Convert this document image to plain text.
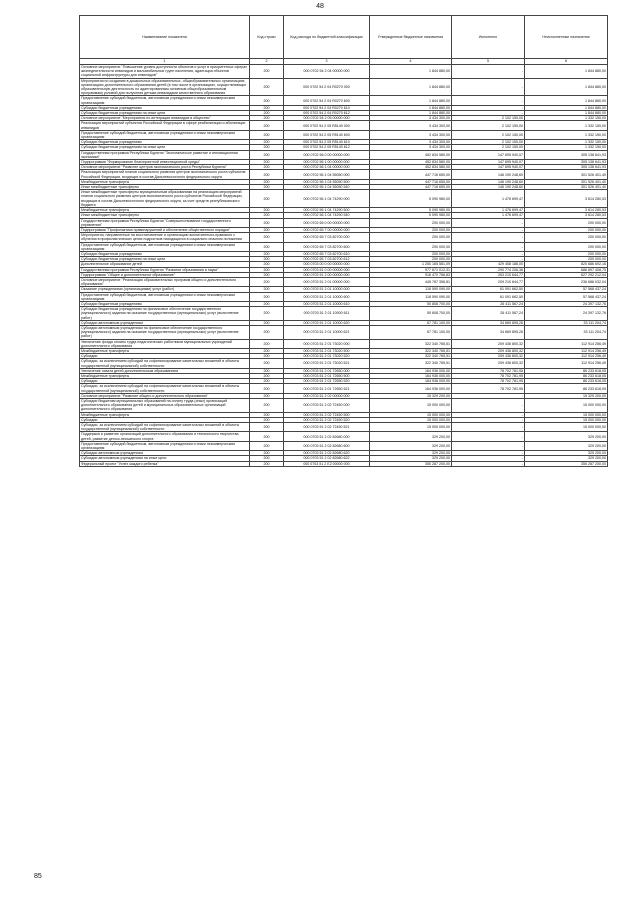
48
Наименование показателя	Код строки	Код расхода по бюджетной классификации	Утвержденные бюджетные назначения	Исполнено	Неисполненные назначения
1	2	3	4	5	6
Основное мероприятие "Повышение уровня доступности объектов и услуг в приоритетных сферах жизнедеятельности инвалидов и маломобильных групп населения, адаптация объектов социальной инфраструктуры для инвалидов"	200	000 0702 54 2 04 00000 000	1 844 880,00	-	1 844 880,00
Мероприятия по созданию в дошкольных образовательных, общеобразовательных организациях, организациях дополнительного образования детей (в том числе в организациях, осуществляющих образовательную деятельность по адаптированным основным общеобразовательным программам) условий для получения детьми-инвалидами качественного образования	200	000 0702 54 2 04 R0270 000	1 844 880,00	-	1 844 880,00
Предоставление субсидий бюджетным, автономным учреждениям и иным некоммерческим организациям	200	000 0702 54 2 04 R0270 600	1 844 880,00	-	1 844 880,00
Субсидии бюджетным учреждениям	200	000 0702 54 2 04 R0270 610	1 844 880,00	-	1 844 880,00
Субсидии бюджетным учреждениям на иные цели	200	000 0702 54 2 04 R0270 612	1 844 880,00	-	1 844 880,00
Основное мероприятие "Мероприятия по интеграции инвалидов в общество"	200	000 0702 54 2 05 00000 000	3 434 300,00	2 102 150,00	1 332 150,00
Реализация мероприятий субъектов Российской Федерации в сфере реабилитации и абилитации инвалидов	200	000 0702 54 2 05 R5140 000	3 434 300,00	2 102 150,00	1 332 150,00
Предоставление субсидий бюджетным, автономным учреждениям и иным некоммерческим организациям	200	000 0702 54 2 05 R5140 600	3 434 300,00	2 102 150,00	1 332 150,00
Субсидии бюджетным учреждениям	200	000 0702 54 2 05 R5140 610	3 434 300,00	2 102 150,00	1 332 150,00
Субсидии бюджетным учреждениям на иные цели	200	000 0702 54 2 05 R5140 612	3 434 300,00	2 102 150,00	1 332 150,00
Государственная программа Республики Бурятия "Экономическое развитие и инновационная экономика"	200	000 0702 56 0 00 00000 000	452 834 580,00	147 695 940,07	305 138 641,93
Подпрограмма "Формирование благоприятной инвестиционной среды"	200	000 0702 56 1 00 00000 000	452 834 580,00	147 695 940,07	305 138 641,93
Основное мероприятие "Развитие центров экономического роста Республики Бурятия"	200	000 0702 56 1 04 00000 000	452 834 580,00	147 695 940,07	305 138 641,93
Реализация мероприятий планов социального развития центров экономического роста субъектов Российской Федерации, входящих в состав Дальневосточного федерального округа	200	000 0702 56 1 04 55050 000	447 716 650,00	146 190 248,60	301 526 401,40
Межбюджетные трансферты	200	000 0702 56 1 04 55050 500	447 716 650,00	146 190 248,60	301 526 401,40
Иные межбюджетные трансферты	200	000 0702 56 1 04 55050 540	447 716 650,00	146 190 248,60	301 526 401,40
Иные межбюджетные трансферты муниципальным образованиям на реализацию мероприятий планов социального развития центров экономического роста субъектов Российской Федерации, входящих в состав Дальневосточного федерального округа, за счет средств республиканского бюджета	200	000 0702 56 1 04 74290 000	5 090 980,00	1 476 699,47	3 614 280,53
Межбюджетные трансферты	200	000 0702 56 1 04 74290 500	5 090 980,00	1 476 699,47	3 614 280,53
Иные межбюджетные трансферты	200	000 0702 56 1 04 74290 540	5 090 980,00	1 476 699,47	3 614 280,53
Государственная программа Республики Бурятия "Совершенствование государственного управления"	200	000 0702 65 0 00 00000 000	200 000,00	-	200 000,00
Подпрограмма "Профилактика правонарушений и обеспечение общественного порядка"	200	000 0702 65 7 00 00000 000	200 000,00	-	200 000,00
Мероприятия, направленные на восстановление и организацию воспитательно-правового с обучения в профилактических целях подростков находящихся в социально опасном положении	200	000 0702 65 7 03 82700 000	200 000,00	-	200 000,00
Предоставление субсидий бюджетным, автономным учреждениям и иным некоммерческим организациям	200	000 0702 65 7 03 82700 600	200 000,00	-	200 000,00
Субсидии бюджетным учреждениям	200	000 0702 65 7 03 82700 610	200 000,00	-	200 000,00
Субсидии бюджетным учреждениям на иные цели	200	000 0702 65 7 03 82700 612	200 000,00	-	200 000,00
Дополнительное образование детей	200	000 0703 00 0 00 00000 000	1 250 165 581,09	429 458 188,00	820 686 692,16
Государственная программа Республики Бурятия "Развитие образования и науки"	200	000 0703 51 0 00 00000 000	977 671 012,31	290 774 206,36	686 897 408,75
Подпрограмма "Общее и дополнительное образование"	200	000 0703 51 2 00 00000 000	916 470 766,83	263 210 644,77	627 292 212,04
Основное мероприятие "Реализация образовательных программ общего и дополнительного образования"	200	000 0703 51 2 01 00000 000	445 787 356,81	209 210 644,77	236 686 032,04
Оказание учреждениями (организациями) услуг (работ)	200	000 0703 51 2 01 10000 000	118 590 090,00	61 091 662,50	57 568 437,24
Предоставление субсидий бюджетным, автономным учреждениям и иным некоммерческим организациям	200	000 0703 51 2 01 10000 600	118 590 090,00	61 091 662,50	57 568 437,24
Субсидии бюджетным учреждениям	200	000 0703 51 2 01 10000 610	50 808 700,00	26 411 567,24	24 397 132,76
Субсидии бюджетным учреждениям на финансовое обеспечение государственного (муниципального) задания на оказание государственных (муниципальных) услуг (выполнение работ)	200	000 0703 51 2 01 10000 611	50 808 700,00	26 411 567,24	24 397 132,76
Субсидии автономным учреждениям	200	000 0703 51 2 01 10000 620	67 781 100,00	34 669 895,26	33 111 204,74
Субсидии автономным учреждениям на финансовое обеспечение государственного (муниципального) задания на оказание государственных (муниципальных) услуг (выполнение работ)	200	000 0703 51 2 01 10000 621	67 781 100,00	34 669 895,26	33 111 204,74
Увеличение фонда оплаты труда педагогических работников муниципальных учреждений дополнительного образования	200	000 0703 51 2 01 73020 000	322 340 765,51	209 436 800,32	112 914 256,49
Межбюджетные трансферты	200	000 0703 51 2 01 73020 500	322 340 765,51	209 436 800,32	112 914 256,49
Субсидии	200	000 0703 51 2 01 73020 520	322 340 765,51	209 436 800,32	112 914 256,49
Субсидии, за исключением субсидий на софинансирование капитальных вложений в объекты государственной (муниципальной) собственности	200	000 0703 51 2 01 73020 521	322 340 765,51	209 436 800,32	112 914 256,49
Увеличение охвата детей дополнительным образованием	200	000 0703 51 2 01 72650 000	164 936 000,00	78 702 781,95	86 233 618,05
Межбюджетные трансферты	200	000 0703 51 2 01 72650 500	164 936 000,00	78 702 781,95	86 233 618,05
Субсидии	200	000 0703 51 2 01 72650 520	164 936 000,00	78 702 781,95	86 233 618,05
Субсидии, за исключением субсидий на софинансирование капитальных вложений в объекты государственной (муниципальной) собственности	200	000 0703 51 2 01 72650 521	164 936 000,00	78 702 781,95	86 233 618,05
Основное мероприятие "Развитие общего и дополнительного образования"	200	000 0703 51 2 02 00000 000	15 329 200,00	-	15 329 200,00
Субсидии бюджетам муниципальных образований на оплату труда (иных) организаций дополнительного образования детей и муниципальных образовательных организаций дополнительного образования	200	000 0703 51 2 02 72450 000	15 000 000,00	-	15 000 000,00
Межбюджетные трансферты	200	000 0703 51 2 02 72450 500	15 000 000,00	-	15 000 000,00
Субсидии	200	000 0703 51 2 02 72450 520	15 000 000,00	-	15 000 000,00
Субсидии, за исключением субсидий на софинансирование капитальных вложений в объекты государственной (муниципальной) собственности	200	000 0703 51 2 02 72450 521	15 000 000,00	-	15 000 000,00
Поддержка и развитие организаций дополнительного образования и технического творчества детей, развитие детско-юношеского спорта	200	000 0703 51 2 02 82680 000	329 200,00	-	329 200,00
Предоставление субсидий бюджетным, автономным учреждениям и иным некоммерческим организациям	200	000 0703 51 2 02 82680 600	329 200,00	-	329 200,00
Субсидии автономным учреждениям	200	000 0703 51 2 02 82680 620	329 200,00	-	329 200,00
Субсидии автономным учреждениям на иные цели	200	000 0703 51 2 02 82680 622	329 200,00	-	329 200,00
Федеральный проект "Успех каждого ребенка"	200	000 0703 51 2 E2 00000 000	355 287 200,00	-	355 287 200,00
85
